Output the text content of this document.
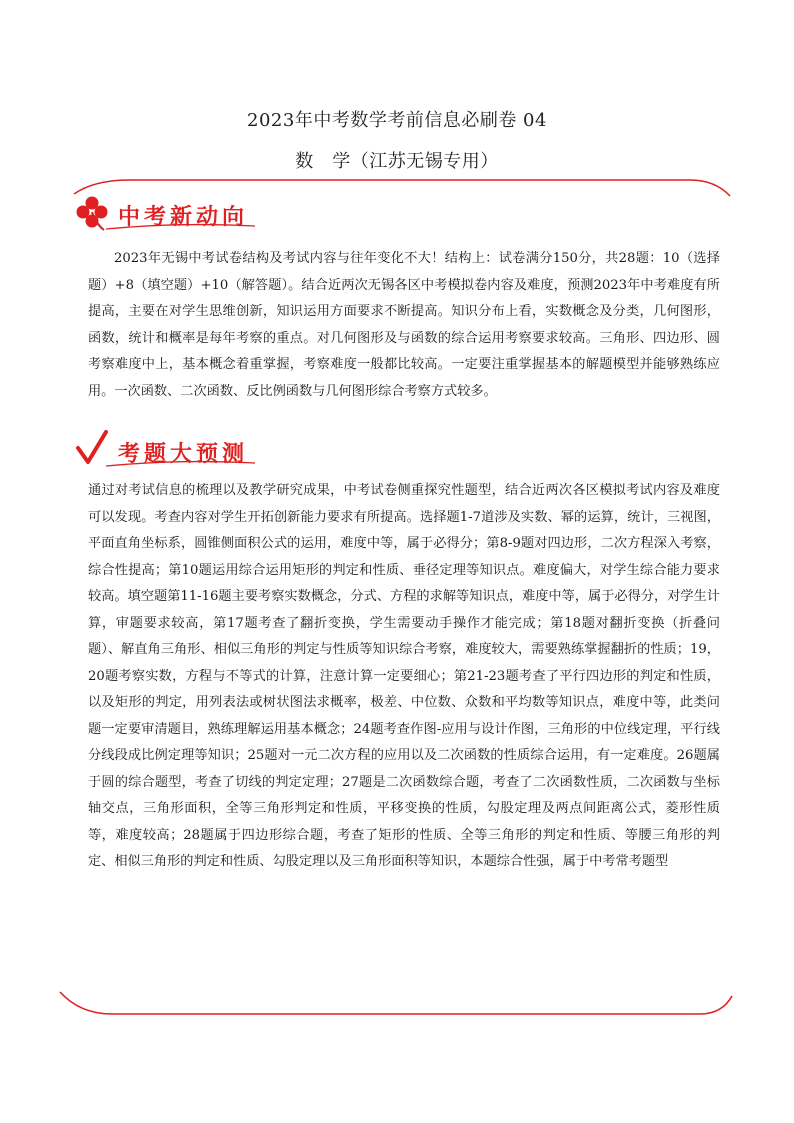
2023年中考数学考前信息必刷卷 04
数　学（江苏无锡专用）
中考新动向
2023年无锡中考试卷结构及考试内容与往年变化不大！结构上：试卷满分150分，共28题：10（选择题）+8（填空题）+10（解答题）。结合近两次无锡各区中考模拟卷内容及难度，预测2023年中考难度有所提高，主要在对学生思维创新，知识运用方面要求不断提高。知识分布上看，实数概念及分类，几何图形，函数，统计和概率是每年考察的重点。对几何图形及与函数的综合运用考察要求较高。三角形、四边形、圆考察难度中上，基本概念着重掌握，考察难度一般都比较高。一定要注重掌握基本的解题模型并能够熟练应用。一次函数、二次函数、反比例函数与几何图形综合考察方式较多。
考题大预测
通过对考试信息的梳理以及教学研究成果，中考试卷侧重探究性题型，结合近两次各区模拟考试内容及难度可以发现。考查内容对学生开拓创新能力要求有所提高。选择题1-7道涉及实数、幂的运算，统计，三视图，平面直角坐标系，圆锥侧面积公式的运用，难度中等，属于必得分；第8-9题对四边形，二次方程深入考察，综合性提高；第10题运用综合运用矩形的判定和性质、垂径定理等知识点。难度偏大，对学生综合能力要求较高。填空题第11-16题主要考察实数概念，分式、方程的求解等知识点，难度中等，属于必得分，对学生计算，审题要求较高，第17题考查了翻折变换，学生需要动手操作才能完成；第18题对翻折变换（折叠问题）、解直角三角形、相似三角形的判定与性质等知识综合考察，难度较大，需要熟练掌握翻折的性质；19，20题考察实数，方程与不等式的计算，注意计算一定要细心；第21-23题考查了平行四边形的判定和性质，以及矩形的判定，用列表法或树状图法求概率，极差、中位数、众数和平均数等知识点，难度中等，此类问题一定要审清题目，熟练理解运用基本概念；24题考查作图-应用与设计作图，三角形的中位线定理，平行线分线段成比例定理等知识；25题对一元二次方程的应用以及二次函数的性质综合运用，有一定难度。26题属于圆的综合题型，考查了切线的判定定理；27题是二次函数综合题，考查了二次函数性质，二次函数与坐标轴交点，三角形面积，全等三角形判定和性质，平移变换的性质，勾股定理及两点间距离公式，菱形性质等，难度较高；28题属于四边形综合题，考查了矩形的性质、全等三角形的判定和性质、等腰三角形的判定、相似三角形的判定和性质、勾股定理以及三角形面积等知识，本题综合性强，属于中考常考题型
